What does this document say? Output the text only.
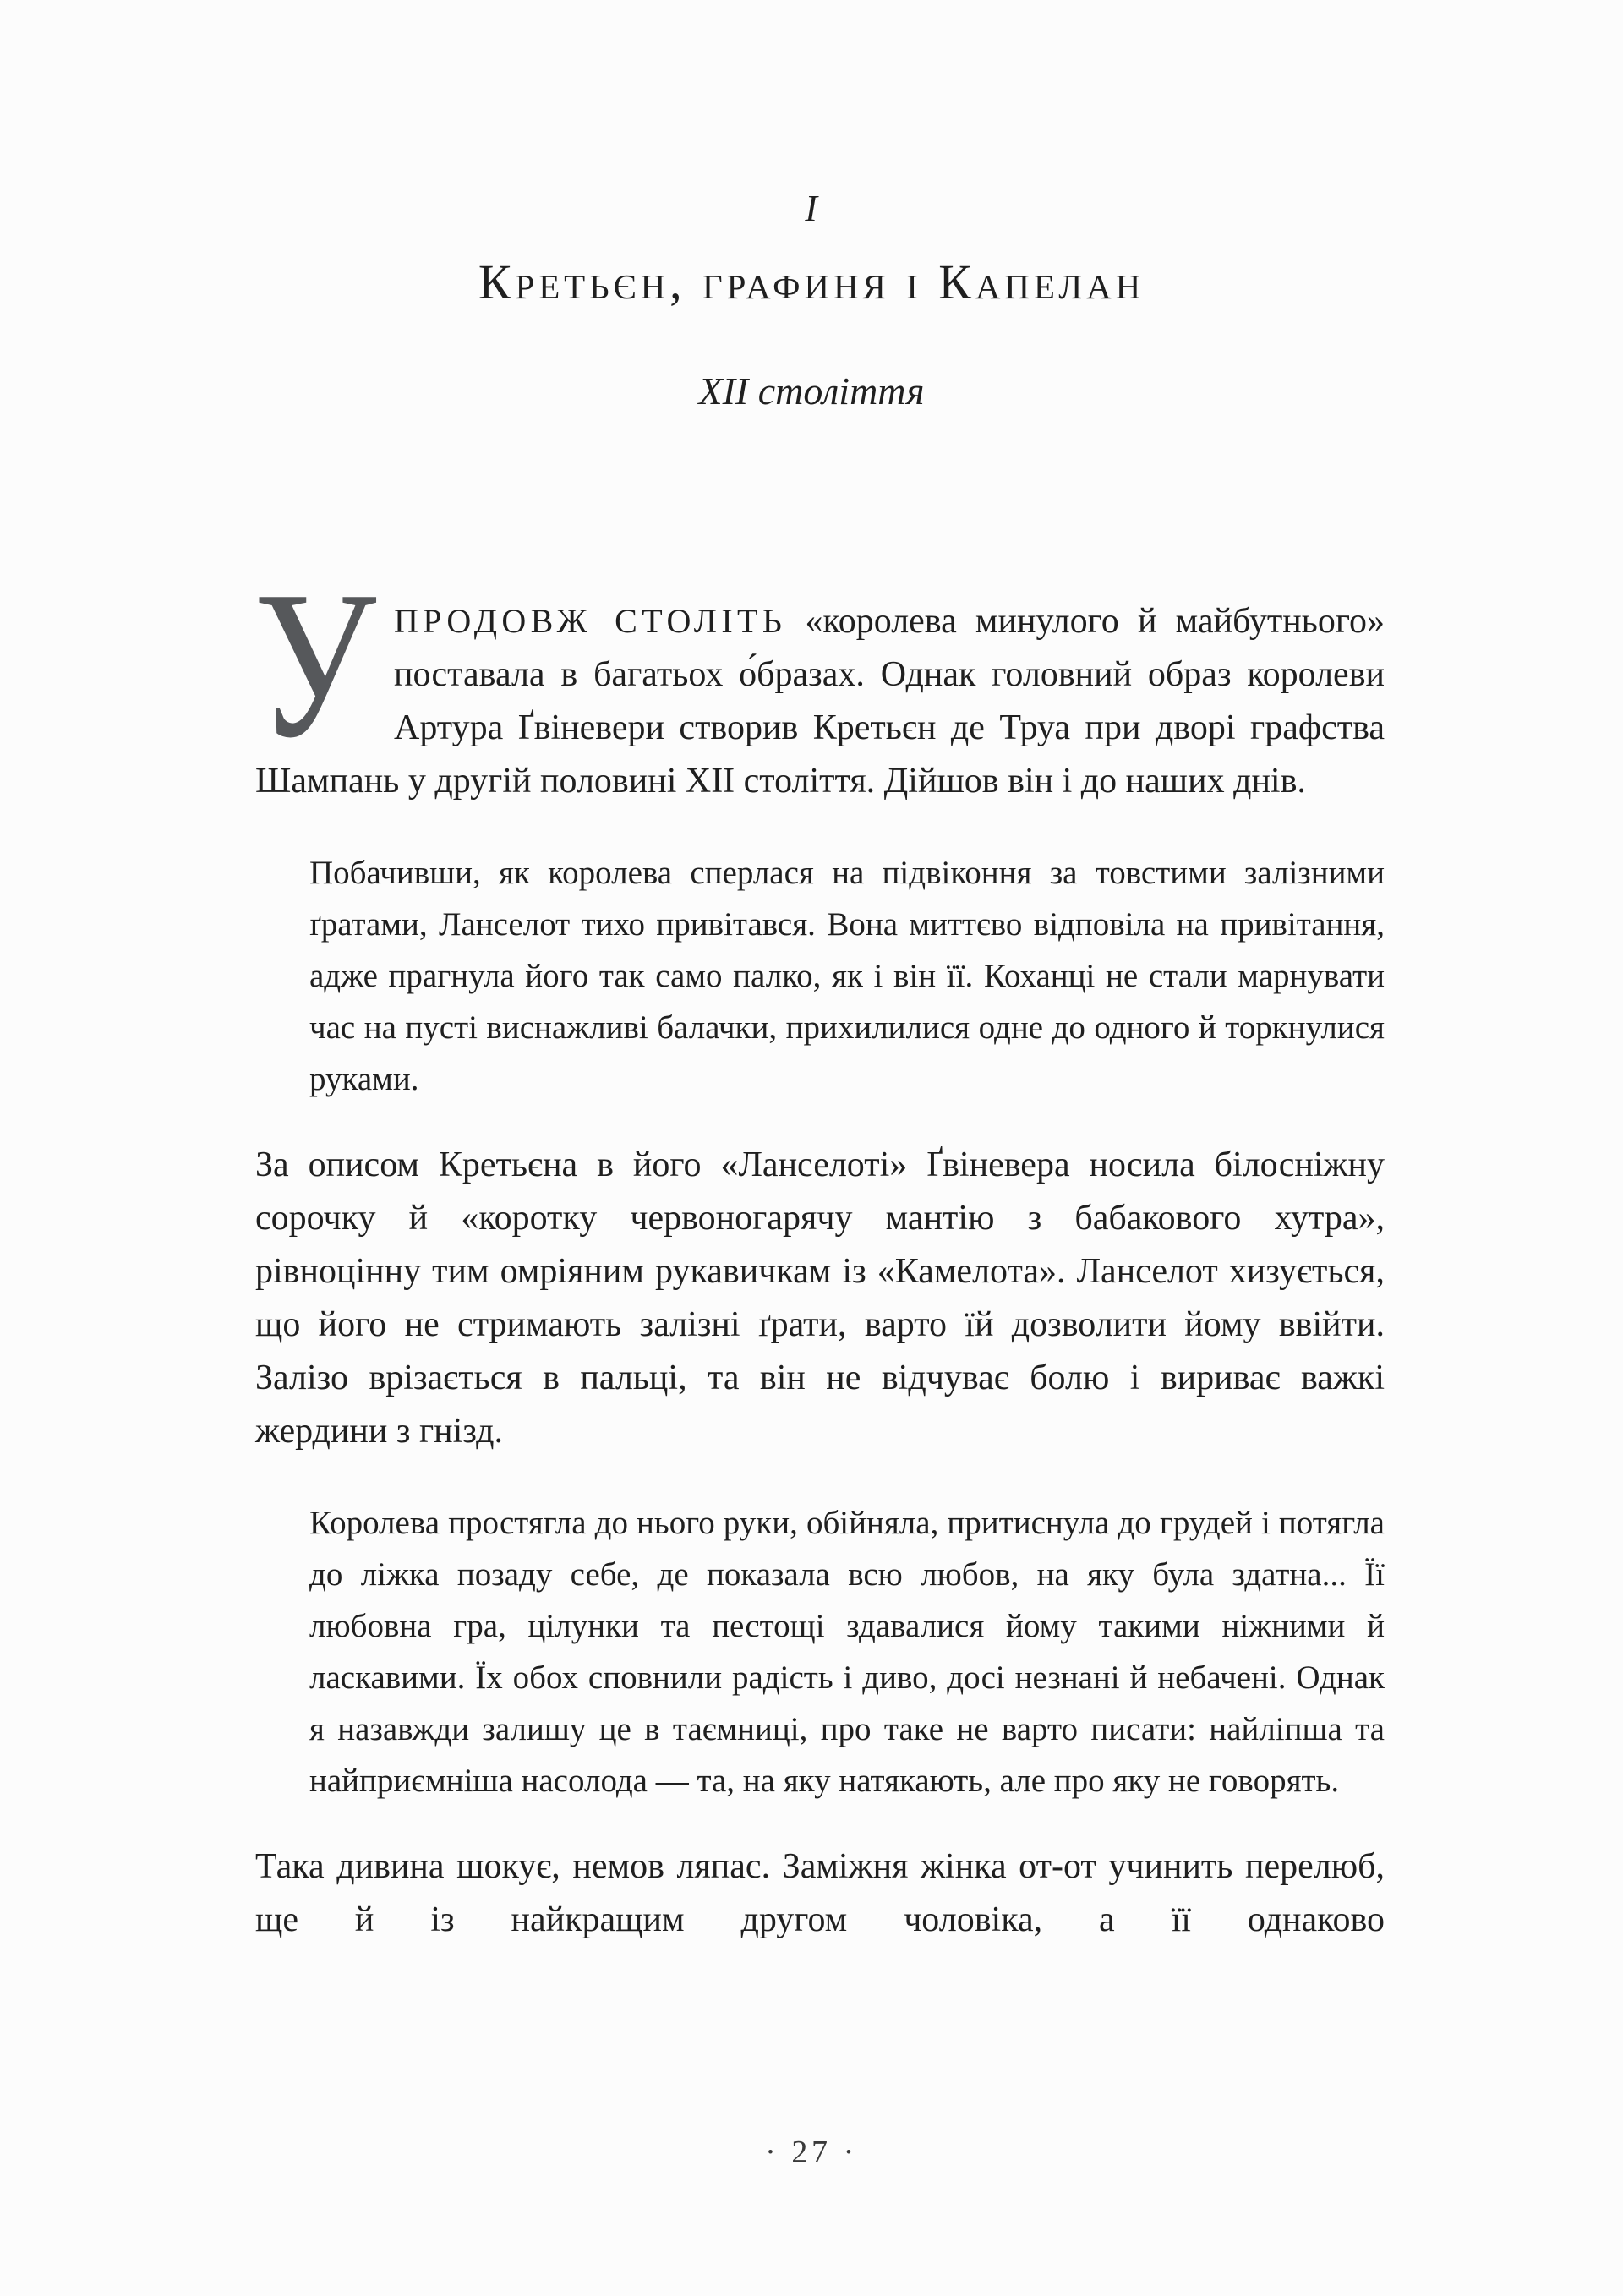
I
Кретьєн, графиня і Капелан
XII століття

УПРОДОВЖ СТОЛІТЬ «королева минулого й майбутнього» поставала в багатьох о́бразах. Однак головний образ королеви Артура Ґвіневери створив Кретьєн де Труа при дворі графства Шампань у другій половині XII століття. Дійшов він і до наших днів.

Побачивши, як королева сперлася на підвіконня за товстими залізними ґратами, Ланселот тихо привітався. Вона миттєво відповіла на привітання, адже прагнула його так само палко, як і він її. Коханці не стали марнувати час на пусті виснажливі балачки, прихилилися одне до одного й торкнулися руками.

За описом Кретьєна в його «Ланселоті» Ґвіневера носила білосніжну сорочку й «коротку червоногарячу мантію з бабакового хутра», рівноцінну тим омріяним рукавичкам із «Камелота». Ланселот хизується, що його не стримають залізні ґрати, варто їй дозволити йому ввійти. Залізо врізається в пальці, та він не відчуває болю і вириває важкі жердини з гнізд.

Королева простягла до нього руки, обійняла, притиснула до грудей і потягла до ліжка позаду себе, де показала всю любов, на яку була здатна... Її любовна гра, цілунки та пестощі здавалися йому такими ніжними й ласкавими. Їх обох сповнили радість і диво, досі незнані й небачені. Однак я назавжди залишу це в таємниці, про таке не варто писати: найліпша та найприємніша насолода — та, на яку натякають, але про яку не говорять.

Така дивина шокує, немов ляпас. Заміжня жінка от-от учинить перелюб, ще й із найкращим другом чоловіка, а її однаково

· 27 ·
